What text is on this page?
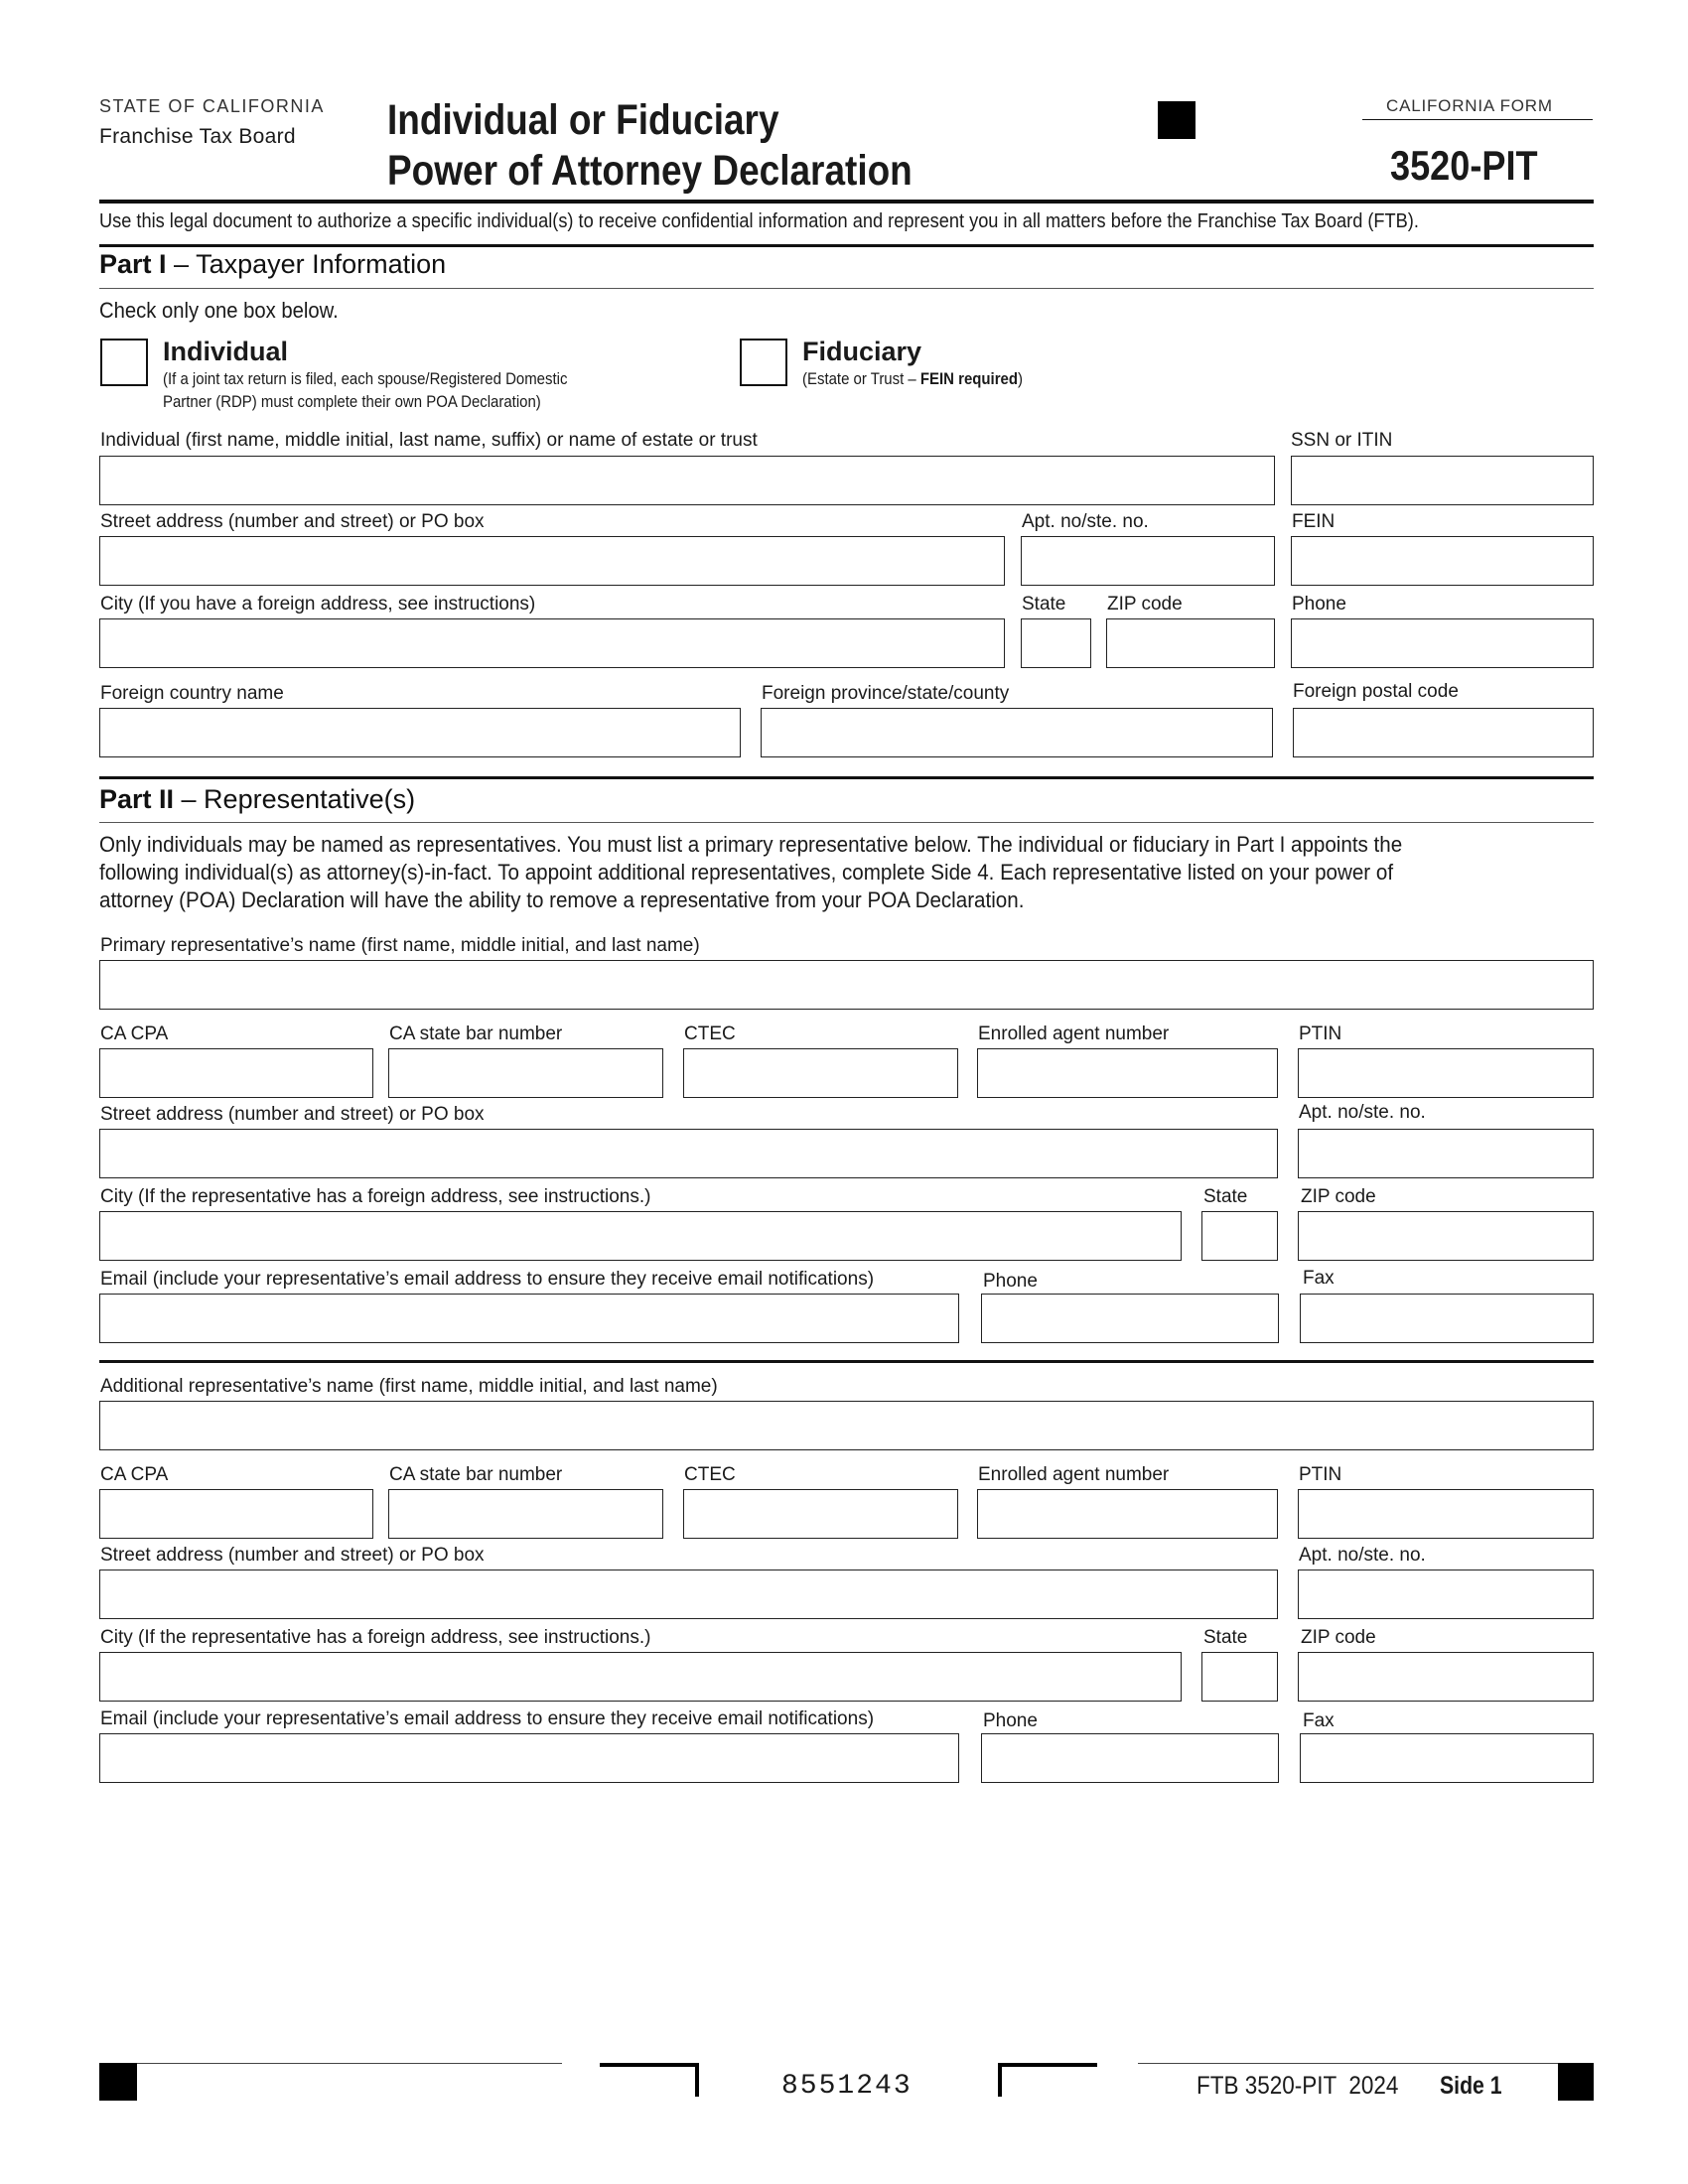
STATE OF CALIFORNIA
Franchise Tax Board Individual or Fiduciary
Power of Attorney Declaration
CALIFORNIA FORM
3520-PIT
Use this legal document to authorize a specific individual(s) to receive confidential information and represent you in all matters before the Franchise Tax Board (FTB).
Part I – Taxpayer Information
Check only one box below.
Individual
(If a joint tax return is filed, each spouse/Registered Domestic
Partner (RDP) must complete their own POA Declaration)
Fiduciary
(Estate or Trust – FEIN required)
Individual (first name, middle initial, last name, suffix) or name of estate or trust	SSN or ITIN
Street address (number and street) or PO box	Apt. no/ste. no.	FEIN
City (If you have a foreign address, see instructions)	State ZIP code	Phone
Foreign country name	Foreign province/state/county	Foreign postal code
Part II – Representative(s)
Only individuals may be named as representatives. You must list a primary representative below. The individual or fiduciary in Part I appoints the
following individual(s) as attorney(s)-in-fact. To appoint additional representatives, complete Side 4. Each representative listed on your power of
attorney (POA) Declaration will have the ability to remove a representative from your POA Declaration.
Primary representative’s name (first name, middle initial, and last name)
CA CPA	CA state bar number	CTEC	Enrolled agent number	PTIN
Street address (number and street) or PO box	Apt. no/ste. no.
City (If the representative has a foreign address, see instructions.)	State	ZIP code
Email (include your representative’s email address to ensure they receive email notifications)	Phone	Fax
Additional representative’s name (first name, middle initial, and last name)
CA CPA	CA state bar number	CTEC	Enrolled agent number	PTIN
Street address (number and street) or PO box	Apt. no/ste. no.
City (If the representative has a foreign address, see instructions.)	State	ZIP code
Email (include your representative’s email address to ensure they receive email notifications)	Phone	Fax
8551243	FTB 3520-PIT  2024 Side 1
